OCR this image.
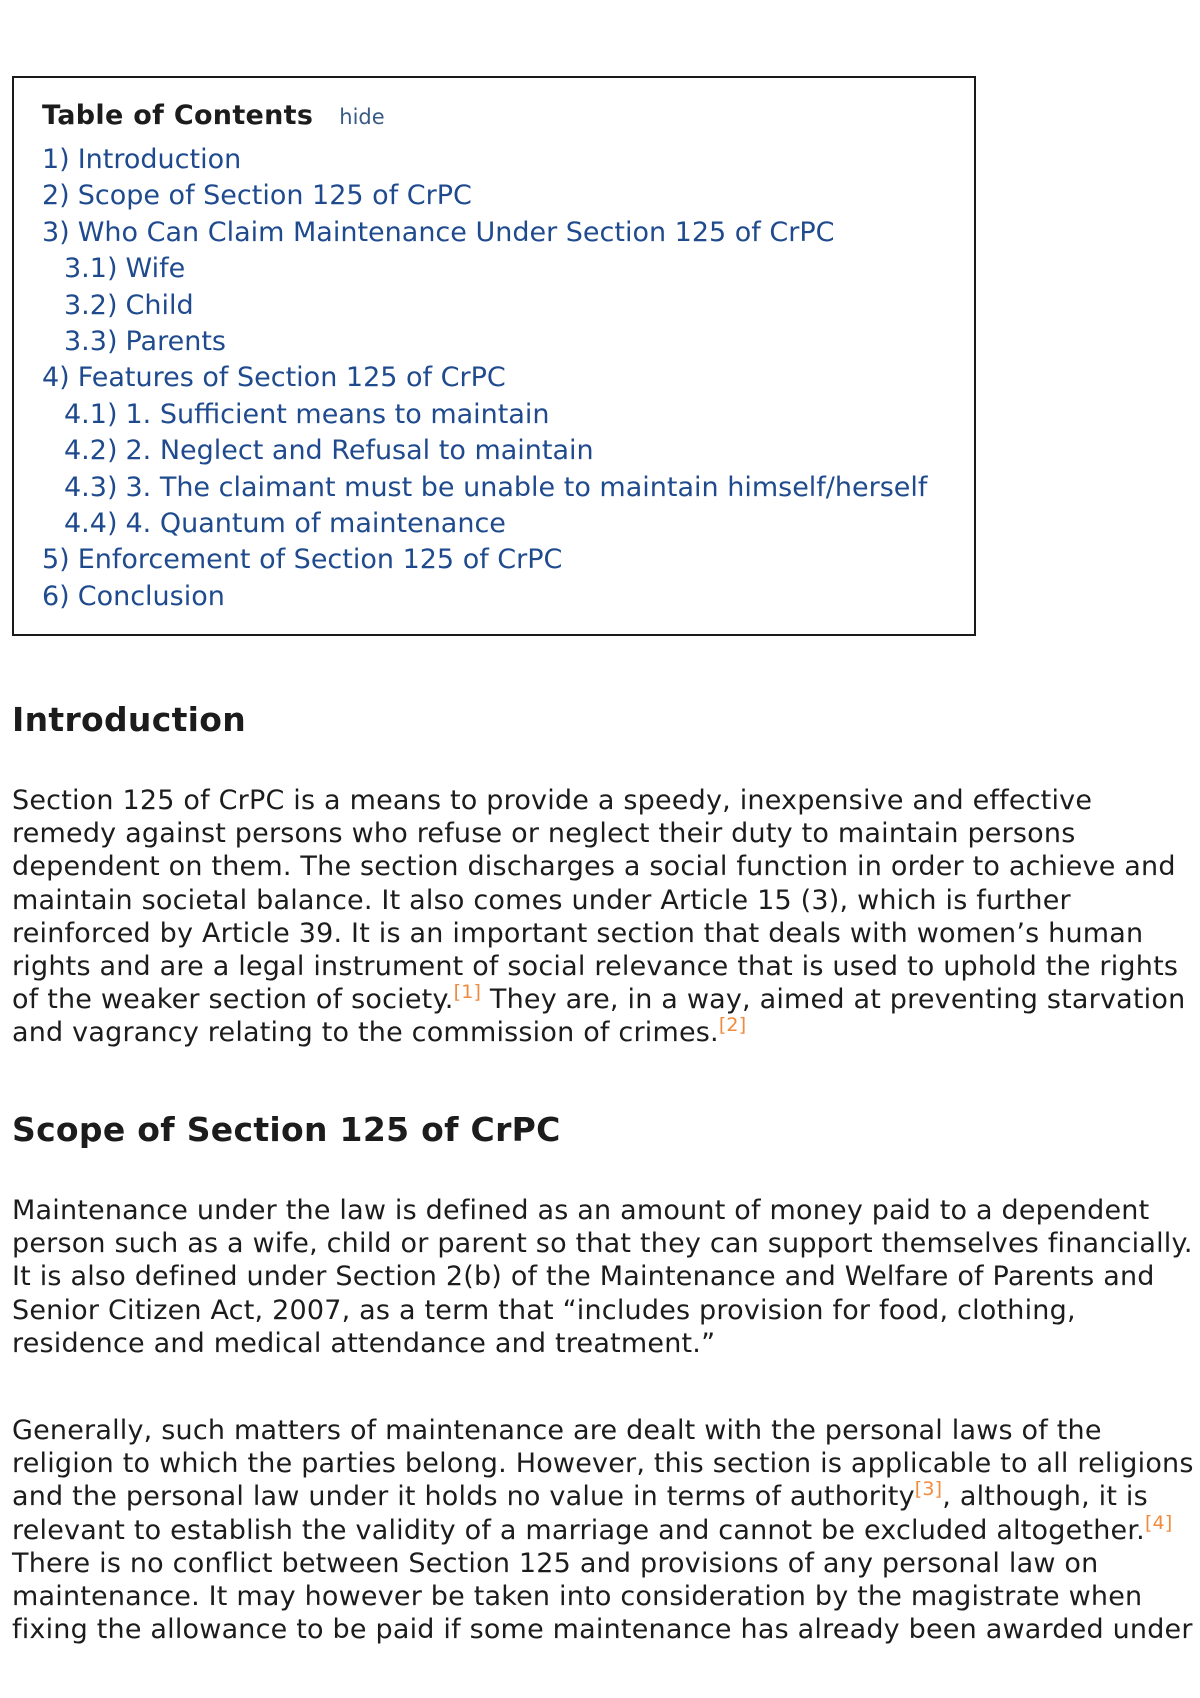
Table of Contents hide
1) Introduction
2) Scope of Section 125 of CrPC
3) Who Can Claim Maintenance Under Section 125 of CrPC
3.1) Wife
3.2) Child
3.3) Parents
4) Features of Section 125 of CrPC
4.1) 1. Sufficient means to maintain
4.2) 2. Neglect and Refusal to maintain
4.3) 3. The claimant must be unable to maintain himself/herself
4.4) 4. Quantum of maintenance
5) Enforcement of Section 125 of CrPC
6) Conclusion
Introduction

Section 125 of CrPC is a means to provide a speedy, inexpensive and effective remedy against persons who refuse or neglect their duty to maintain persons dependent on them. The section discharges a social function in order to achieve and maintain societal balance. It also comes under Article 15 (3), which is further reinforced by Article 39. It is an important section that deals with women’s human rights and are a legal instrument of social relevance that is used to uphold the rights of the weaker section of society.[1] They are, in a way, aimed at preventing starvation and vagrancy relating to the commission of crimes.[2]

Scope of Section 125 of CrPC

Maintenance under the law is defined as an amount of money paid to a dependent person such as a wife, child or parent so that they can support themselves financially. It is also defined under Section 2(b) of the Maintenance and Welfare of Parents and Senior Citizen Act, 2007, as a term that “includes provision for food, clothing, residence and medical attendance and treatment.”

Generally, such matters of maintenance are dealt with the personal laws of the religion to which the parties belong. However, this section is applicable to all religions and the personal law under it holds no value in terms of authority[3], although, it is relevant to establish the validity of a marriage and cannot be excluded altogether.[4] There is no conflict between Section 125 and provisions of any personal law on maintenance. It may however be taken into consideration by the magistrate when fixing the allowance to be paid if some maintenance has already been awarded under
